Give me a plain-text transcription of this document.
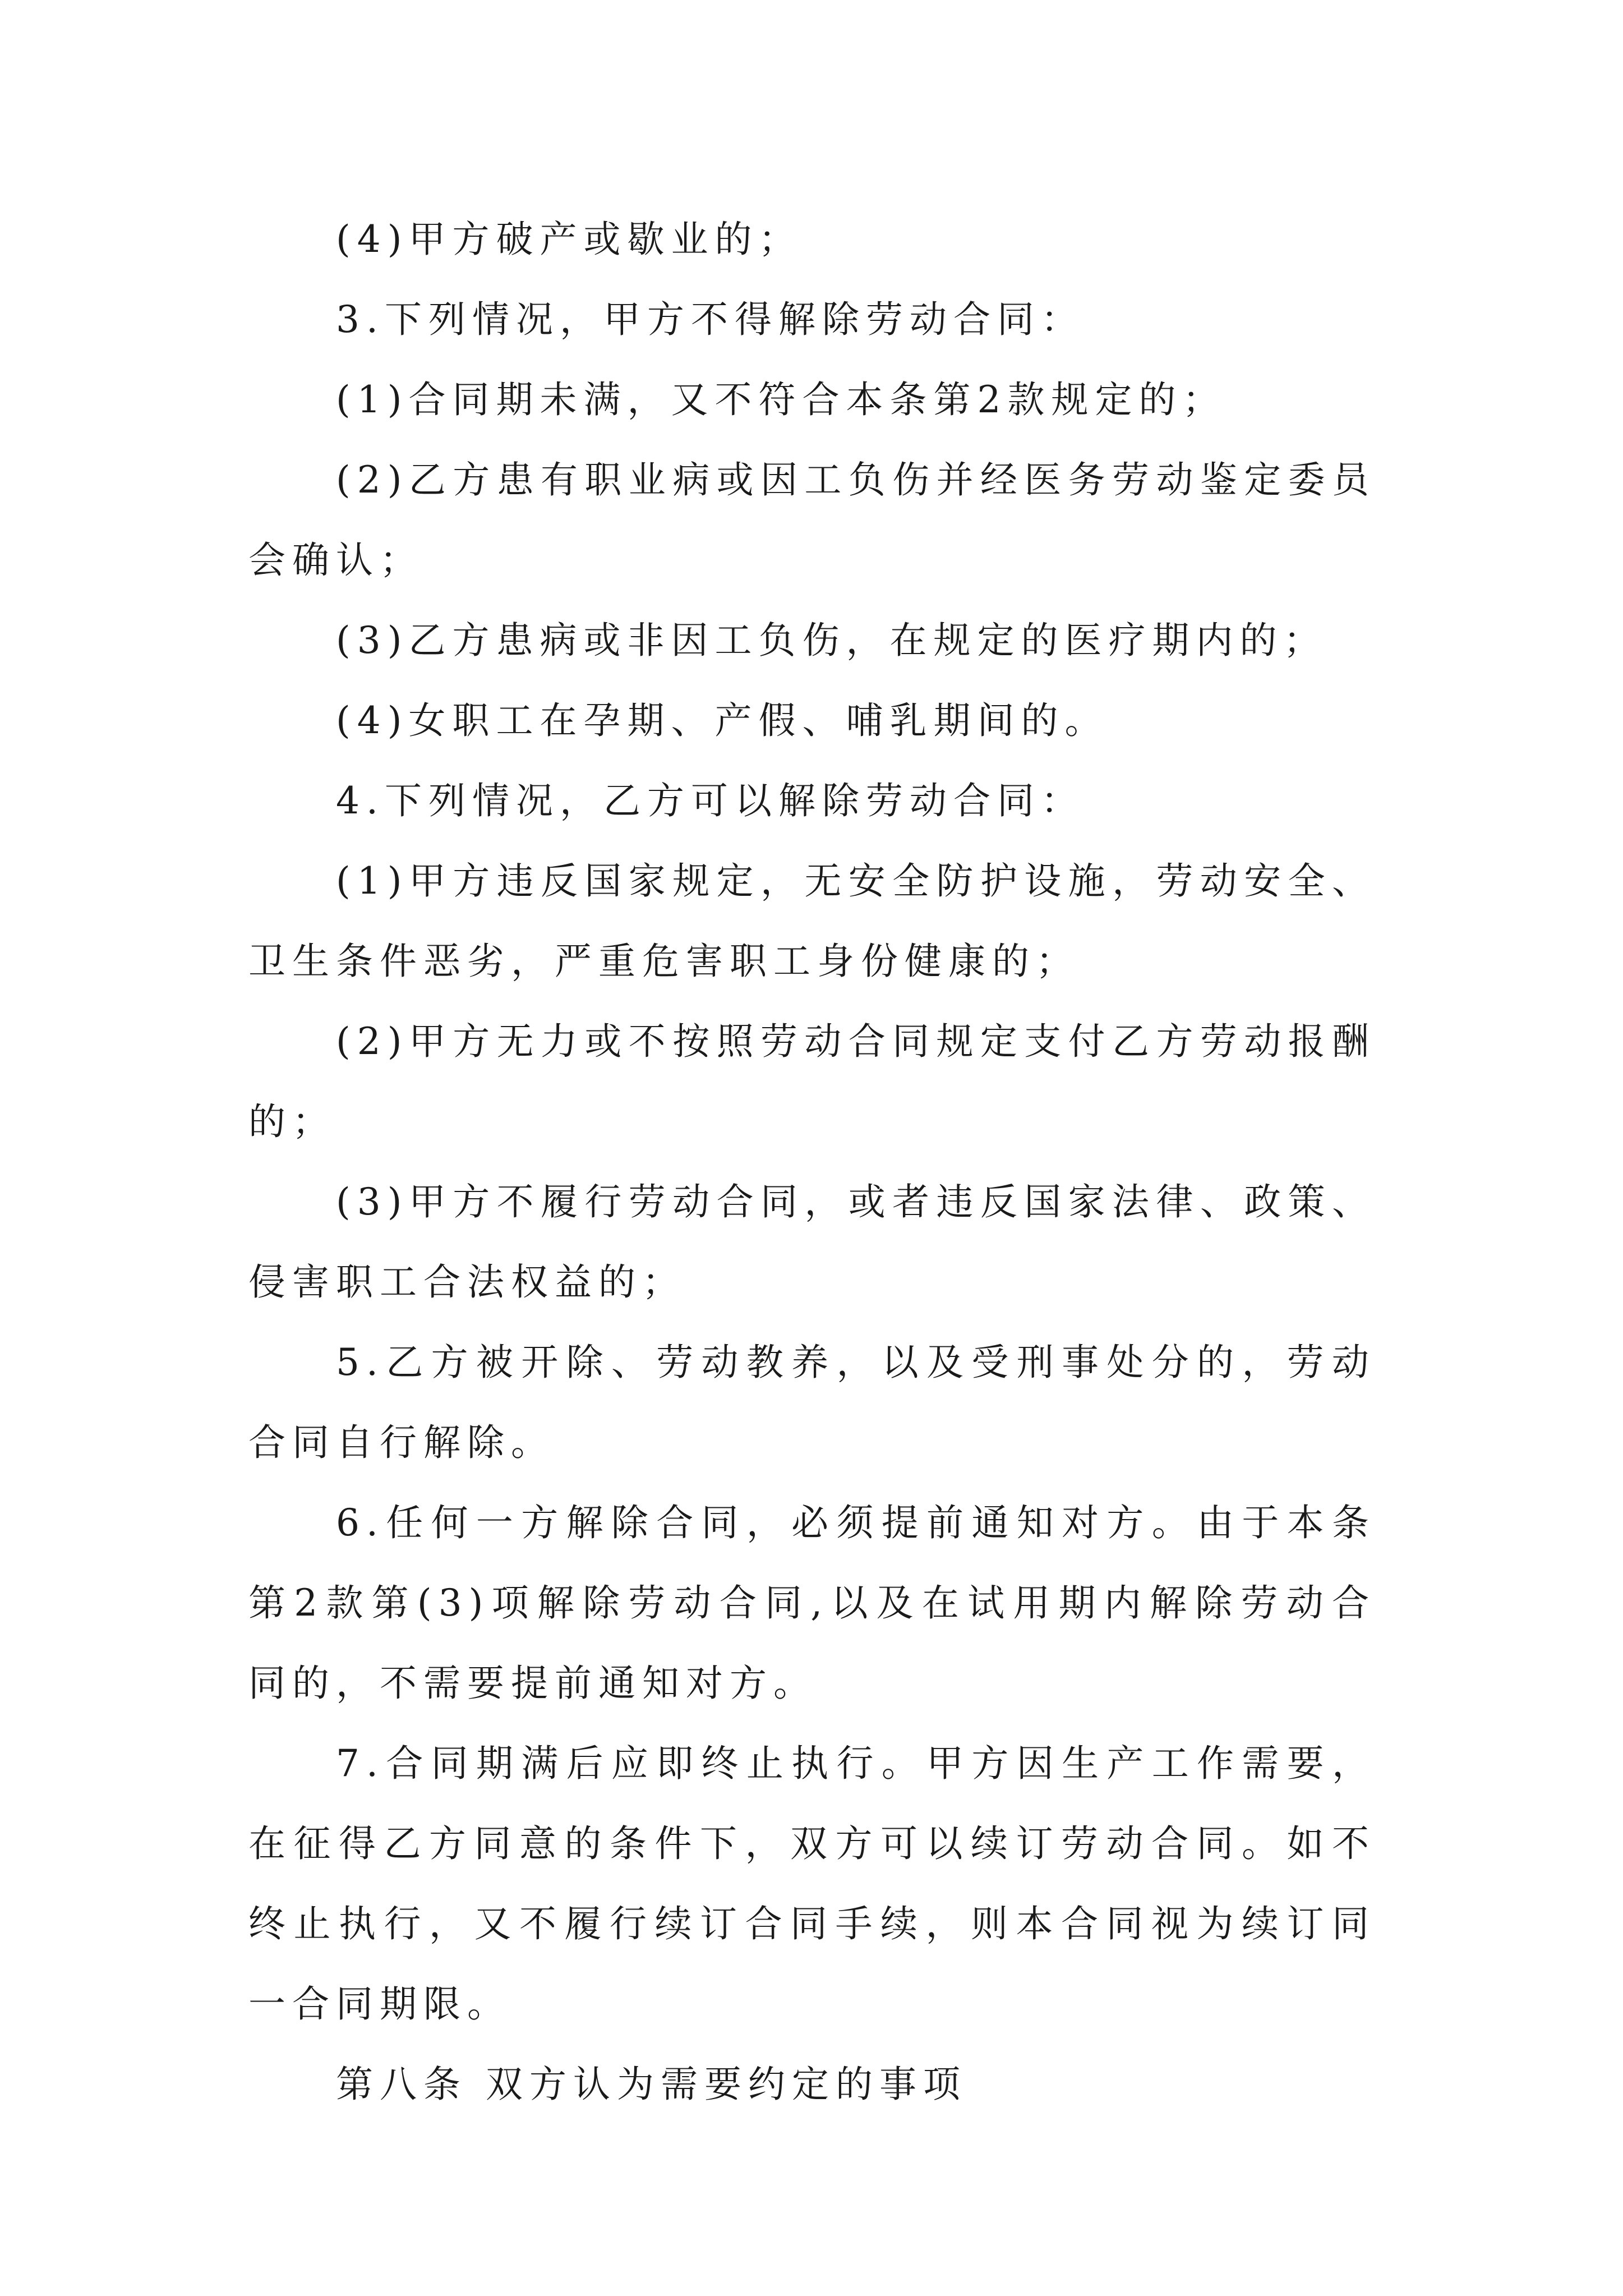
(4)甲方破产或歇业的；

3.下列情况，甲方不得解除劳动合同：

(1)合同期未满，又不符合本条第2款规定的；

(2)乙方患有职业病或因工负伤并经医务劳动鉴定委员会确认；

(3)乙方患病或非因工负伤，在规定的医疗期内的；

(4)女职工在孕期、产假、哺乳期间的。

4.下列情况，乙方可以解除劳动合同：

(1)甲方违反国家规定，无安全防护设施，劳动安全、卫生条件恶劣，严重危害职工身份健康的；

(2)甲方无力或不按照劳动合同规定支付乙方劳动报酬的；

(3)甲方不履行劳动合同，或者违反国家法律、政策、侵害职工合法权益的；

5.乙方被开除、劳动教养，以及受刑事处分的，劳动合同自行解除。

6.任何一方解除合同，必须提前通知对方。由于本条第2款第(3)项解除劳动合同,以及在试用期内解除劳动合同的，不需要提前通知对方。

7.合同期满后应即终止执行。甲方因生产工作需要，在征得乙方同意的条件下，双方可以续订劳动合同。如不终止执行，又不履行续订合同手续，则本合同视为续订同一合同期限。

第八条 双方认为需要约定的事项
